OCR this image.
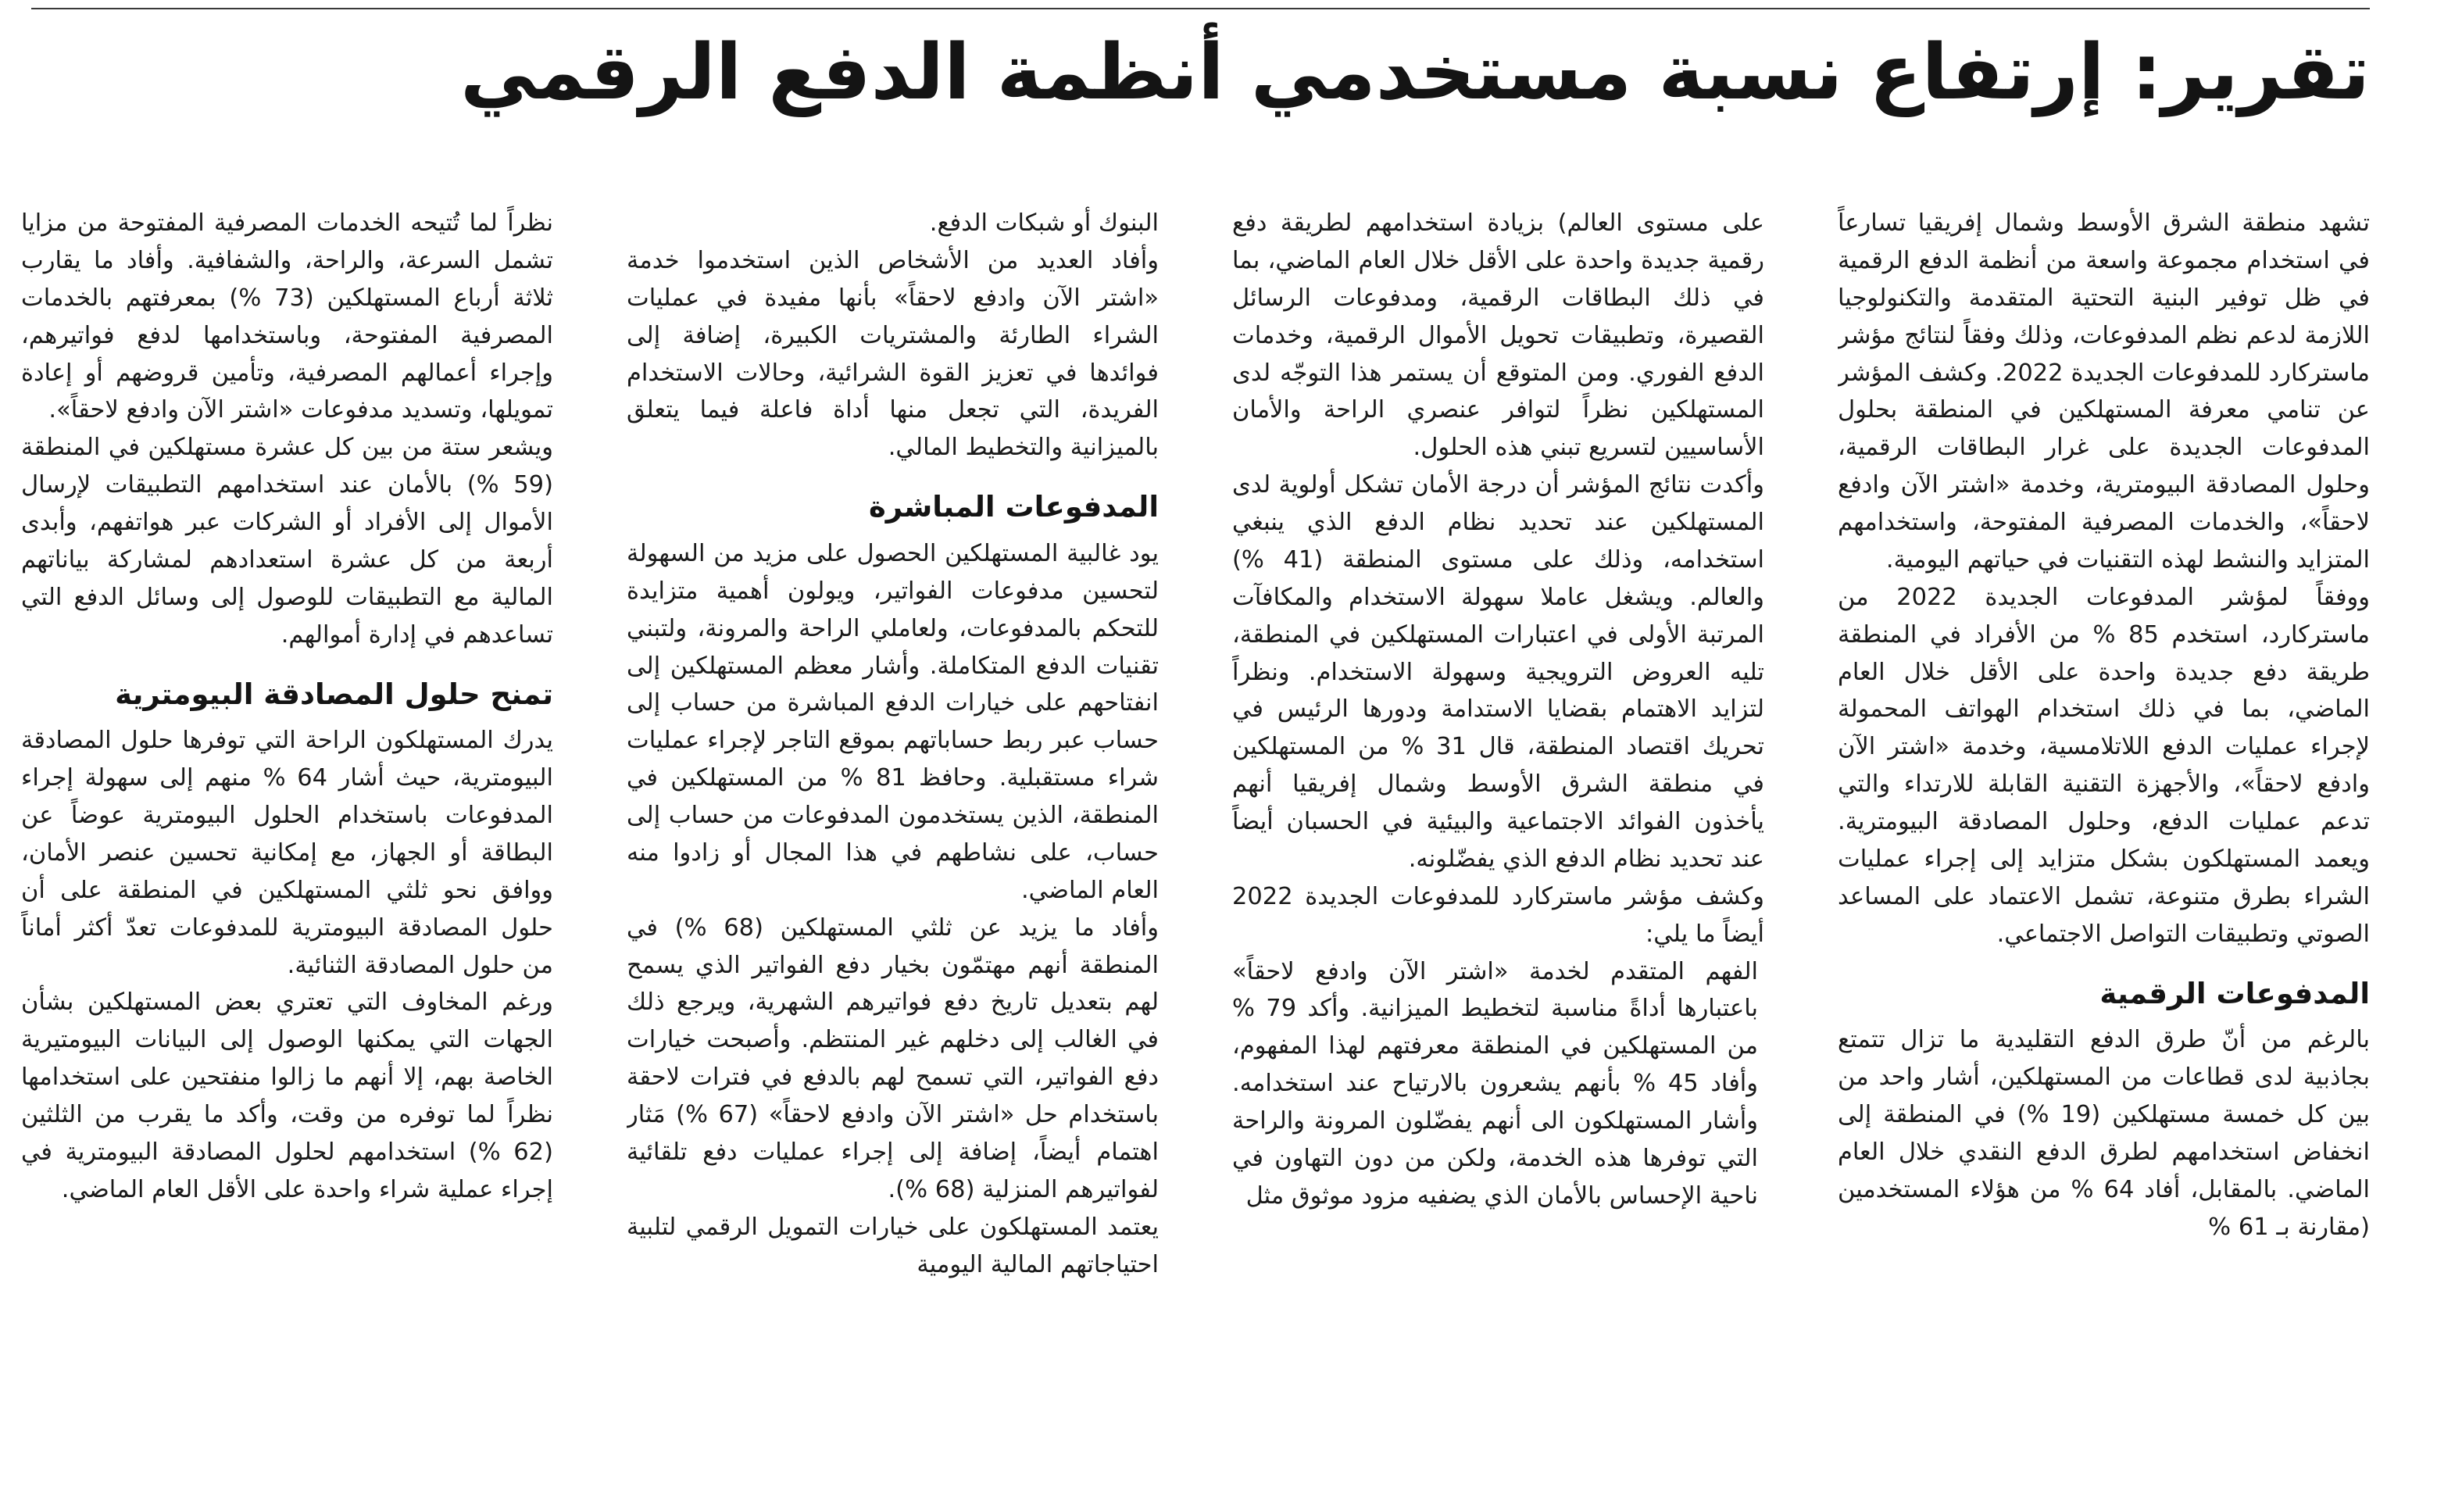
تقرير: إرتفاع نسبة مستخدمي أنظمة الدفع الرقمي

تشهد منطقة الشرق الأوسط وشمال إفريقيا تسارعاً في استخدام مجموعة واسعة من أنظمة الدفع الرقمية في ظل توفير البنية التحتية المتقدمة والتكنولوجيا اللازمة لدعم نظم المدفوعات، وذلك وفقاً لنتائج مؤشر ماستركارد للمدفوعات الجديدة 2022. وكشف المؤشر عن تنامي معرفة المستهلكين في المنطقة بحلول المدفوعات الجديدة على غرار البطاقات الرقمية، وحلول المصادقة البيومترية، وخدمة «اشتر الآن وادفع لاحقاً»، والخدمات المصرفية المفتوحة، واستخدامهم المتزايد والنشط لهذه التقنيات في حياتهم اليومية.

ووفقاً لمؤشر المدفوعات الجديدة 2022 من ماستركارد، استخدم 85 % من الأفراد في المنطقة طريقة دفع جديدة واحدة على الأقل خلال العام الماضي، بما في ذلك استخدام الهواتف المحمولة لإجراء عمليات الدفع اللاتلامسية، وخدمة «اشتر الآن وادفع لاحقاً»، والأجهزة التقنية القابلة للارتداء والتي تدعم عمليات الدفع، وحلول المصادقة البيومترية. ويعمد المستهلكون بشكل متزايد إلى إجراء عمليات الشراء بطرق متنوعة، تشمل الاعتماد على المساعد الصوتي وتطبيقات التواصل الاجتماعي.

المدفوعات الرقمية

بالرغم من أنّ طرق الدفع التقليدية ما تزال تتمتع بجاذبية لدى قطاعات من المستهلكين، أشار واحد من بين كل خمسة مستهلكين (19 %) في المنطقة إلى انخفاض استخدامهم لطرق الدفع النقدي خلال العام الماضي. بالمقابل، أفاد 64 % من هؤلاء المستخدمين (مقارنة بـ 61 %

على مستوى العالم) بزيادة استخدامهم لطريقة دفع رقمية جديدة واحدة على الأقل خلال العام الماضي، بما في ذلك البطاقات الرقمية، ومدفوعات الرسائل القصيرة، وتطبيقات تحويل الأموال الرقمية، وخدمات الدفع الفوري. ومن المتوقع أن يستمر هذا التوجّه لدى المستهلكين نظراً لتوافر عنصري الراحة والأمان الأساسيين لتسريع تبني هذه الحلول.

وأكدت نتائج المؤشر أن درجة الأمان تشكل أولوية لدى المستهلكين عند تحديد نظام الدفع الذي ينبغي استخدامه، وذلك على مستوى المنطقة (41 %) والعالم. ويشغل عاملا سهولة الاستخدام والمكافآت المرتبة الأولى في اعتبارات المستهلكين في المنطقة، تليه العروض الترويجية وسهولة الاستخدام. ونظراً لتزايد الاهتمام بقضايا الاستدامة ودورها الرئيس في تحريك اقتصاد المنطقة، قال 31 % من المستهلكين في منطقة الشرق الأوسط وشمال إفريقيا أنهم يأخذون الفوائد الاجتماعية والبيئية في الحسبان أيضاً عند تحديد نظام الدفع الذي يفضّلونه.

وكشف مؤشر ماستركارد للمدفوعات الجديدة 2022 أيضاً ما يلي:

الفهم المتقدم لخدمة «اشتر الآن وادفع لاحقاً» باعتبارها أداةً مناسبة لتخطيط الميزانية. وأكد 79 % من المستهلكين في المنطقة معرفتهم لهذا المفهوم، وأفاد 45 % بأنهم يشعرون بالارتياح عند استخدامه. وأشار المستهلكون الى أنهم يفضّلون المرونة والراحة التي توفرها هذه الخدمة، ولكن من دون التهاون في ناحية الإحساس بالأمان الذي يضفيه مزود موثوق مثل

البنوك أو شبكات الدفع.

وأفاد العديد من الأشخاص الذين استخدموا خدمة «اشتر الآن وادفع لاحقاً» بأنها مفيدة في عمليات الشراء الطارئة والمشتريات الكبيرة، إضافة إلى فوائدها في تعزيز القوة الشرائية، وحالات الاستخدام الفريدة، التي تجعل منها أداة فاعلة فيما يتعلق بالميزانية والتخطيط المالي.

المدفوعات المباشرة

يود غالبية المستهلكين الحصول على مزيد من السهولة لتحسين مدفوعات الفواتير، ويولون أهمية متزايدة للتحكم بالمدفوعات، ولعاملي الراحة والمرونة، ولتبني تقنيات الدفع المتكاملة. وأشار معظم المستهلكين إلى انفتاحهم على خيارات الدفع المباشرة من حساب إلى حساب عبر ربط حساباتهم بموقع التاجر لإجراء عمليات شراء مستقبلية. وحافظ 81 % من المستهلكين في المنطقة، الذين يستخدمون المدفوعات من حساب إلى حساب، على نشاطهم في هذا المجال أو زادوا منه العام الماضي.

وأفاد ما يزيد عن ثلثي المستهلكين (68 %) في المنطقة أنهم مهتمّون بخيار دفع الفواتير الذي يسمح لهم بتعديل تاريخ دفع فواتيرهم الشهرية، ويرجع ذلك في الغالب إلى دخلهم غير المنتظم. وأصبحت خيارات دفع الفواتير، التي تسمح لهم بالدفع في فترات لاحقة باستخدام حل «اشتر الآن وادفع لاحقاً» (67 %) مَثار اهتمام أيضاً، إضافة إلى إجراء عمليات دفع تلقائية لفواتيرهم المنزلية (68 %).

يعتمد المستهلكون على خيارات التمويل الرقمي لتلبية احتياجاتهم المالية اليومية

نظراً لما تُتيحه الخدمات المصرفية المفتوحة من مزايا تشمل السرعة، والراحة، والشفافية. وأفاد ما يقارب ثلاثة أرباع المستهلكين (73 %) بمعرفتهم بالخدمات المصرفية المفتوحة، وباستخدامها لدفع فواتيرهم، وإجراء أعمالهم المصرفية، وتأمين قروضهم أو إعادة تمويلها، وتسديد مدفوعات «اشتر الآن وادفع لاحقاً».

ويشعر ستة من بين كل عشرة مستهلكين في المنطقة (59 %) بالأمان عند استخدامهم التطبيقات لإرسال الأموال إلى الأفراد أو الشركات عبر هواتفهم، وأبدى أربعة من كل عشرة استعدادهم لمشاركة بياناتهم المالية مع التطبيقات للوصول إلى وسائل الدفع التي تساعدهم في إدارة أموالهم.

تمنح حلول المصادقة البيومترية

يدرك المستهلكون الراحة التي توفرها حلول المصادقة البيومترية، حيث أشار 64 % منهم إلى سهولة إجراء المدفوعات باستخدام الحلول البيومترية عوضاً عن البطاقة أو الجهاز، مع إمكانية تحسين عنصر الأمان، ووافق نحو ثلثي المستهلكين في المنطقة على أن حلول المصادقة البيومترية للمدفوعات تعدّ أكثر أماناً من حلول المصادقة الثنائية.

ورغم المخاوف التي تعتري بعض المستهلكين بشأن الجهات التي يمكنها الوصول إلى البيانات البيومتيرية الخاصة بهم، إلا أنهم ما زالوا منفتحين على استخدامها نظراً لما توفره من وقت، وأكد ما يقرب من الثلثين (62 %) استخدامهم لحلول المصادقة البيومترية في إجراء عملية شراء واحدة على الأقل العام الماضي.
